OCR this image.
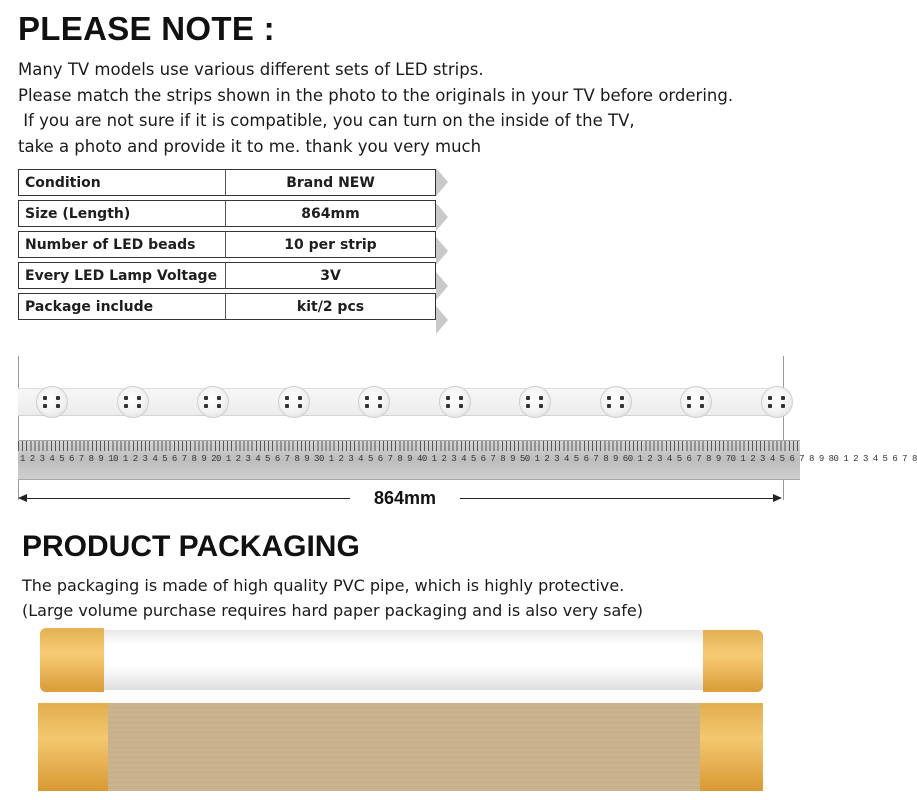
PLEASE NOTE :
Many TV models use various different sets of LED strips.
Please match the strips shown in the photo to the originals in your TV before ordering.
If you are not sure if it is compatible, you can turn on the inside of the TV,
take a photo and provide it to me. thank you very much
Condition	Brand NEW
Size (Length)	864mm
Number of LED beads	10 per strip
Every LED Lamp Voltage	3V
Package include	kit/2 pcs
1 2 3 4 5 6 7 8 9 10 1 2 3 4 5 6 7 8 9 20 1 2 3 4 5 6 7 8 9 30 1 2 3 4 5 6 7 8 9 40 1 2 3 4 5 6 7 8 9 50 1 2 3 4 5 6 7 8 9 60 1 2 3 4 5 6 7 8 9 70 1 2 3 4 5 6 7 8 9 80 1 2 3 4 5 6 7 8
864mm
PRODUCT PACKAGING
The packaging is made of high quality PVC pipe, which is highly protective.
(Large volume purchase requires hard paper packaging and is also very safe)
